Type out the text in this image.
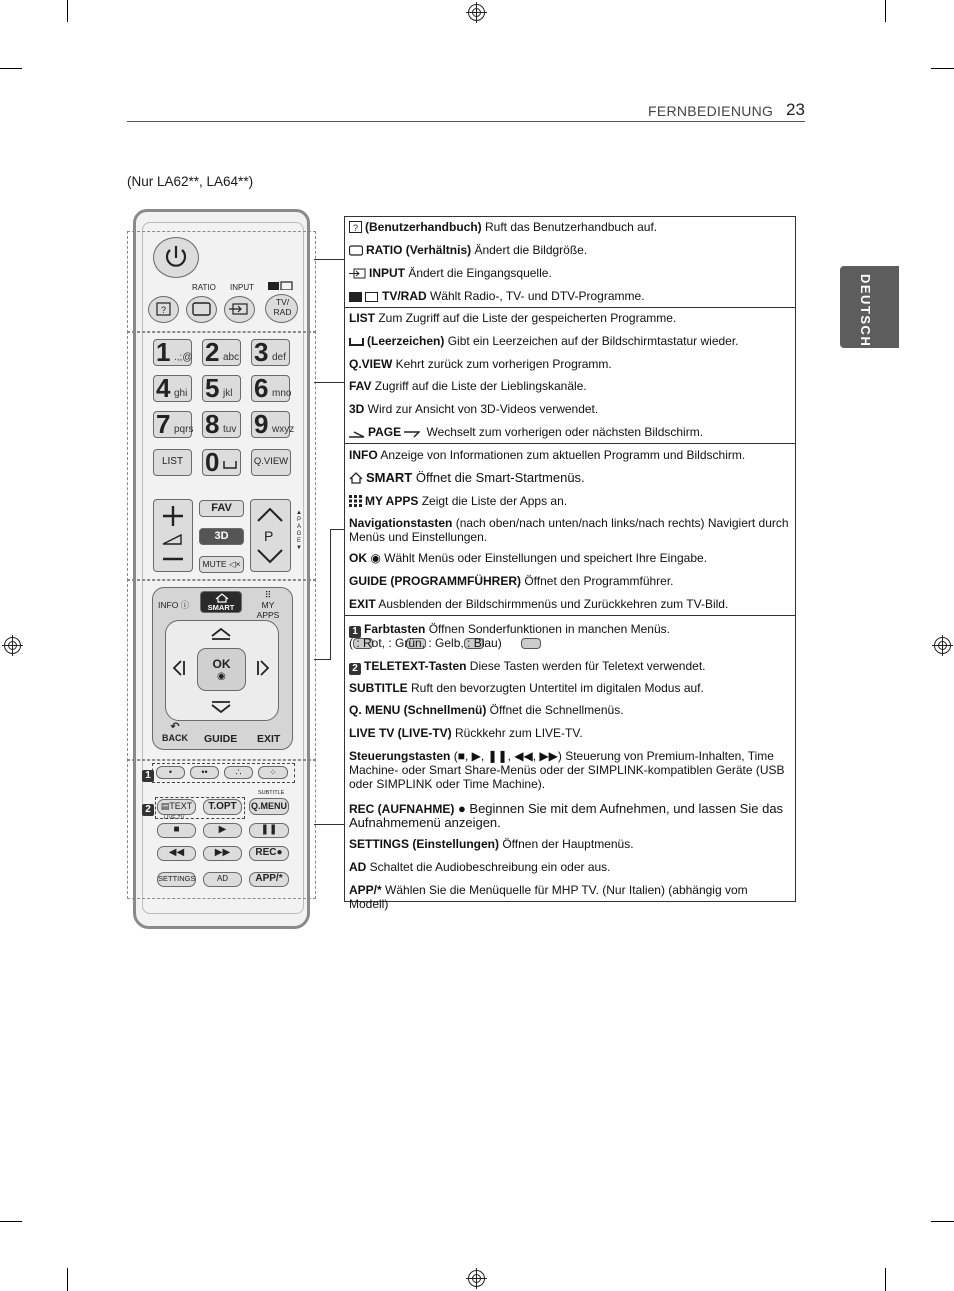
FERNBEDIENUNG 23
DEUTSCH
(Nur LA62**, LA64**)
RATIO INPUT
?
TV/
RAD
1 .,;@ 2 abc 3 def
4 ghi 5 jkl 6 mno
7 pqrs 8 tuv 9 wxyz
LIST 0	Q.VIEW
FAV
3D
MUTE ◁×
P
▲
P
A
G
E
▼
INFO ⓘ	SMART
⠿
MY APPS
OK
◉
↶
BACK GUIDE EXIT
1	•	••	∴	⁘
SUBTITLE
2	▤TEXT	T.OPT	Q.MENU
LIVE TV
■	▶	❚❚
◀◀	▶▶	REC●
SETTINGS	AD	APP/*
? (Benutzerhandbuch) Ruft das Benutzerhandbuch auf.
RATIO (Verhältnis) Ändert die Bildgröße.
INPUT Ändert die Eingangsquelle.
TV/RAD Wählt Radio-, TV- und DTV-Programme.
LIST Zum Zugriff auf die Liste der gespeicherten Programme.
(Leerzeichen) Gibt ein Leerzeichen auf der Bildschirmtastatur wieder.
Q.VIEW Kehrt zurück zum vorherigen Programm.
FAV Zugriff auf die Liste der Lieblingskanäle.
3D Wird zur Ansicht von 3D-Videos verwendet.
PAGE Wechselt zum vorherigen oder nächsten Bildschirm.
INFO Anzeige von Informationen zum aktuellen Programm und Bildschirm.
SMART Öffnet die Smart-Startmenüs.
MY APPS Zeigt die Liste der Apps an.
Navigationstasten (nach oben/nach unten/nach links/nach rechts) Navigiert durch Menüs und Einstellungen.
OK ◉ Wählt Menüs oder Einstellungen und speichert Ihre Eingabe.
GUIDE (PROGRAMMFÜHRER) Öffnet den Programmführer.
EXIT Ausblenden der Bildschirmmenüs und Zurückkehren zum TV-Bild.
1 Farbtasten Öffnen Sonderfunktionen in manchen Menüs.
( : Rot, : Grün, : Gelb, : Blau)
2 TELETEXT-Tasten Diese Tasten werden für Teletext verwendet.
SUBTITLE Ruft den bevorzugten Untertitel im digitalen Modus auf.
Q. MENU (Schnellmenü) Öffnet die Schnellmenüs.
LIVE TV (LIVE-TV) Rückkehr zum LIVE-TV.
Steuerungstasten (■, ▶, ❚❚, ◀◀, ▶▶) Steuerung von Premium-Inhalten, Time Machine- oder Smart Share-Menüs oder der SIMPLINK-kompatiblen Geräte (USB oder SIMPLINK oder Time Machine).
REC (AUFNAHME) ● Beginnen Sie mit dem Aufnehmen, und lassen Sie das Aufnahmemenü anzeigen.
SETTINGS (Einstellungen) Öffnen der Hauptmenüs.
AD Schaltet die Audiobeschreibung ein oder aus.
APP/* Wählen Sie die Menüquelle für MHP TV. (Nur Italien) (abhängig vom Modell)
